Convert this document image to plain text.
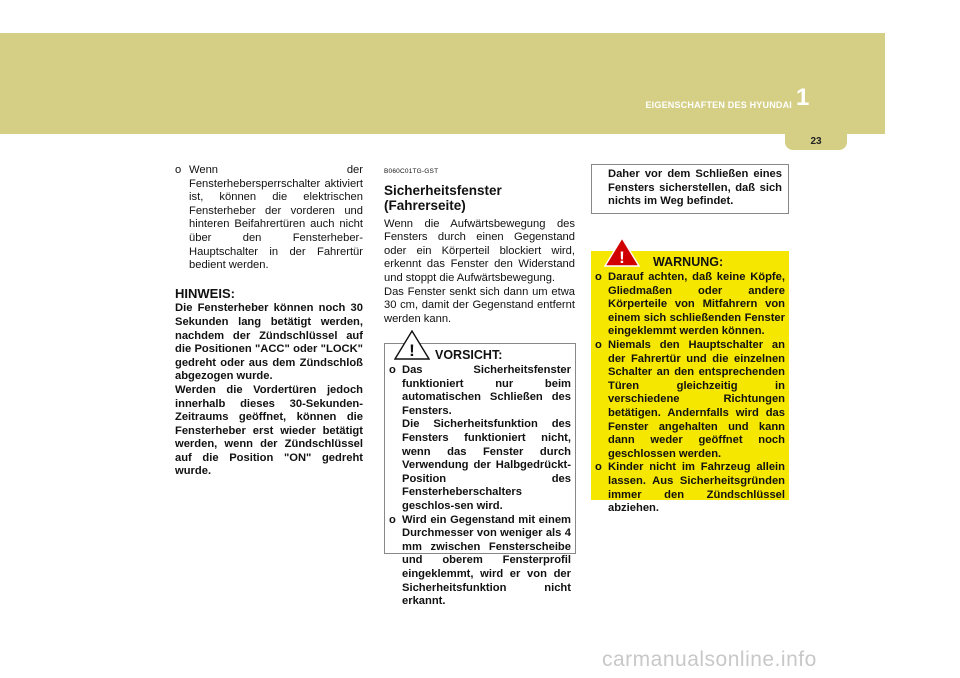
EIGENSCHAFTEN DES HYUNDAI 1
23
o Wenn der Fensterhebersperrschalter aktiviert ist, können die elektrischen Fensterheber der vorderen und hinteren Beifahrertüren auch nicht über den Fensterheber-Hauptschalter in der Fahrertür bedient werden.
HINWEIS:
Die Fensterheber können noch 30 Sekunden lang betätigt werden, nachdem der Zündschlüssel auf die Positionen "ACC" oder "LOCK" gedreht oder aus dem Zündschloß abgezogen wurde.
Werden die Vordertüren jedoch innerhalb dieses 30-Sekunden-Zeitraums geöffnet, können die Fensterheber erst wieder betätigt werden, wenn der Zündschlüssel auf die Position "ON" gedreht wurde.
B060C01TG-GST
Sicherheitsfenster
(Fahrerseite)
Wenn die Aufwärtsbewegung des Fensters durch einen Gegenstand oder ein Körperteil blockiert wird, erkennt das Fenster den Widerstand und stoppt die Aufwärtsbewegung.
Das Fenster senkt sich dann um etwa 30 cm, damit der Gegenstand entfernt werden kann.
!	VORSICHT:
o Das Sicherheitsfenster funktioniert nur beim automatischen Schließen des Fensters.
Die Sicherheitsfunktion des Fensters funktioniert nicht, wenn das Fenster durch Verwendung der Halbgedrückt-Position des Fensterheberschalters geschlos-sen wird.
o Wird ein Gegenstand mit einem Durchmesser von weniger als 4 mm zwischen Fensterscheibe und oberem Fensterprofil eingeklemmt, wird er von der Sicherheitsfunktion nicht erkannt.
Daher vor dem Schließen eines Fensters sicherstellen, daß sich nichts im Weg befindet.
!	WARNUNG:
o Darauf achten, daß keine Köpfe, Gliedmaßen oder andere Körperteile von Mitfahrern von einem sich schließenden Fenster eingeklemmt werden können.
o Niemals den Hauptschalter an der Fahrertür und die einzelnen Schalter an den entsprechenden Türen gleichzeitig in verschiedene Richtungen betätigen. Andernfalls wird das Fenster angehalten und kann dann weder geöffnet noch geschlossen werden.
o Kinder nicht im Fahrzeug allein lassen. Aus Sicherheitsgründen immer den Zündschlüssel abziehen.
carmanualsonline.info
